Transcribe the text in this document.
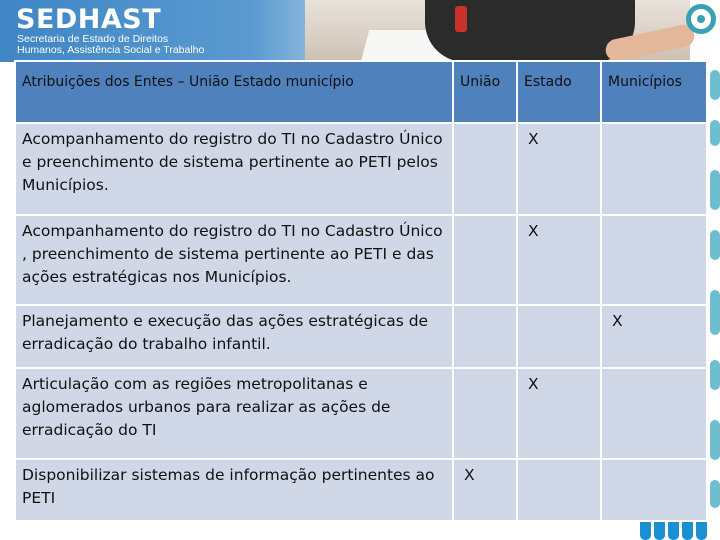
SEDHAST
Secretaria de Estado de Direitos
Humanos, Assistência Social e Trabalho
Atribuições dos Entes – União Estado município	União	Estado	Municípios
Acompanhamento do registro do TI no Cadastro Único e preenchimento de sistema pertinente ao PETI pelos Municípios.		X	
Acompanhamento do registro do TI no Cadastro Único , preenchimento de sistema pertinente ao PETI e das ações estratégicas nos Municípios.		X	
Planejamento e execução das ações estratégicas de erradicação do trabalho infantil.			X
Articulação com as regiões metropolitanas e aglomerados urbanos para realizar as ações de erradicação do TI		X	
Disponibilizar sistemas de informação pertinentes ao PETI	X		
